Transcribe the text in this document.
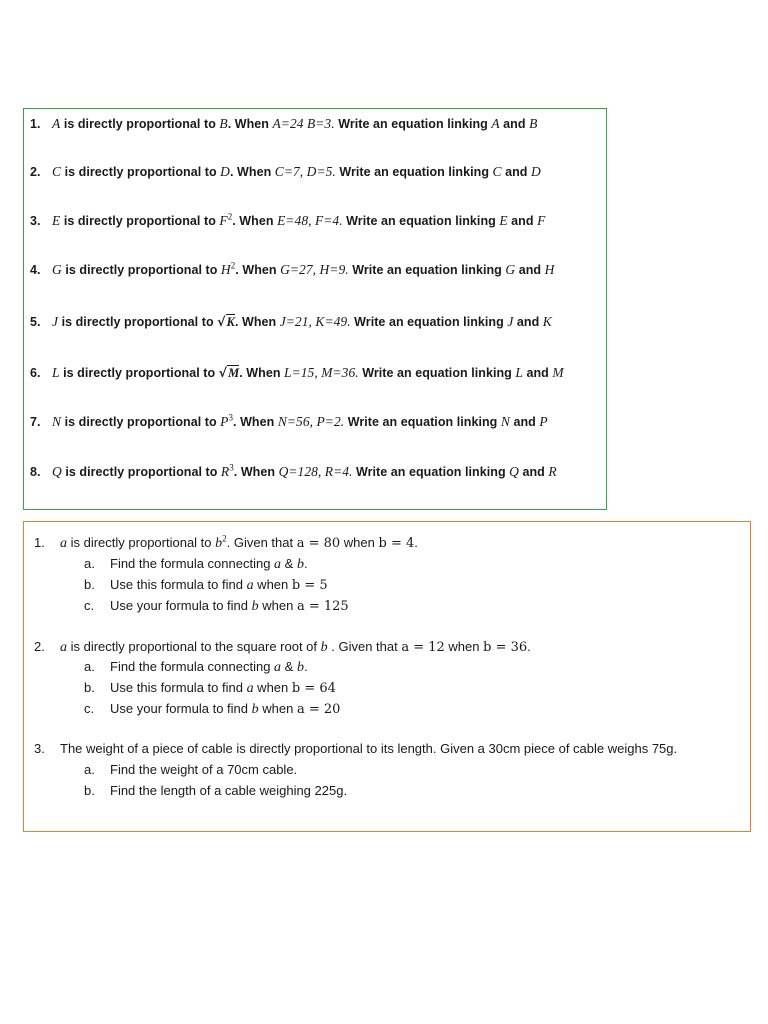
1. A is directly proportional to B. When A=24 B=3. Write an equation linking A and B
2. C is directly proportional to D. When C=7, D=5. Write an equation linking C and D
3. E is directly proportional to $F^2$. When E=48, F=4. Write an equation linking E and F
4. G is directly proportional to $H^2$. When G=27, H=9. Write an equation linking G and H
5. J is directly proportional to √K. When J=21, K=49. Write an equation linking J and K
6. L is directly proportional to √M. When L=15, M=36. Write an equation linking L and M
7. N is directly proportional to $P^3$. When N=56, P=2. Write an equation linking N and P
8. Q is directly proportional to $R^3$. When Q=128, R=4. Write an equation linking Q and R
1. a is directly proportional to $b^2$. Given that a = 80 when b = 4.
a. Find the formula connecting a & b.
b. Use this formula to find a when b = 5
c. Use your formula to find b when a = 125
2. a is directly proportional to the square root of b . Given that a = 12 when b = 36.
a. Find the formula connecting a & b.
b. Use this formula to find a when b = 64
c. Use your formula to find b when a = 20
3. The weight of a piece of cable is directly proportional to its length. Given a 30cm piece of cable weighs 75g.
a. Find the weight of a 70cm cable.
b. Find the length of a cable weighing 225g.
